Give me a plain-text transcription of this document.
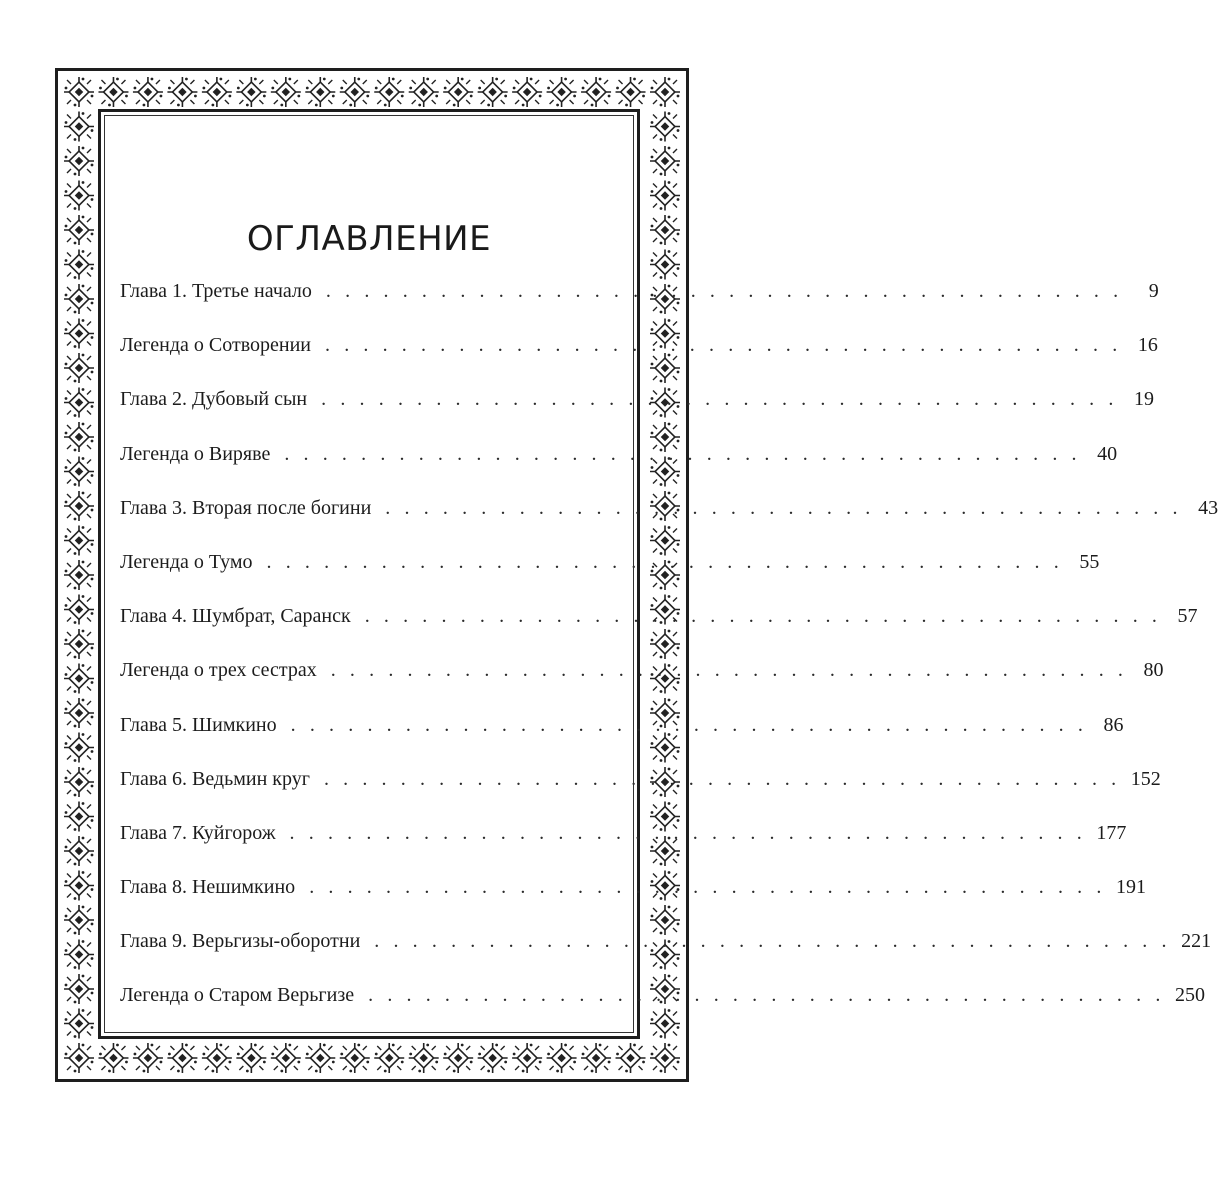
ОГЛАВЛЕНИЕ
Глава 1. Третье начало . . . . . . . . . . . . . . . . . . . . . . . . . . . . . . . . . . . . . . . . . .	9
Легенда о Сотворении . . . . . . . . . . . . . . . . . . . . . . . . . . . . . . . . . . . . . . . . . . 16
Глава 2. Дубовый сын . . . . . . . . . . . . . . . . . . . . . . . . . . . . . . . . . . . . . . . . . . 19
Легенда о Виряве . . . . . . . . . . . . . . . . . . . . . . . . . . . . . . . . . . . . . . . . . . 40
Глава 3. Вторая после богини . . . . . . . . . . . . . . . . . . . . . . . . . . . . . . . . . . . . . . . . . . 43
Легенда о Тумо . . . . . . . . . . . . . . . . . . . . . . . . . . . . . . . . . . . . . . . . . . 55
Глава 4. Шумбрат, Саранск . . . . . . . . . . . . . . . . . . . . . . . . . . . . . . . . . . . . . . . . . . 57
Легенда о трех сестрах . . . . . . . . . . . . . . . . . . . . . . . . . . . . . . . . . . . . . . . . . . 80
Глава 5. Шимкино . . . . . . . . . . . . . . . . . . . . . . . . . . . . . . . . . . . . . . . . . . 86
Глава 6. Ведьмин круг . . . . . . . . . . . . . . . . . . . . . . . . . . . . . . . . . . . . . . . . . . 152
Глава 7. Куйгорож . . . . . . . . . . . . . . . . . . . . . . . . . . . . . . . . . . . . . . . . . . 177
Глава 8. Нешимкино . . . . . . . . . . . . . . . . . . . . . . . . . . . . . . . . . . . . . . . . . . 191
Глава 9. Верьгизы-оборотни . . . . . . . . . . . . . . . . . . . . . . . . . . . . . . . . . . . . . . . . . . 221
Легенда о Старом Верьгизе . . . . . . . . . . . . . . . . . . . . . . . . . . . . . . . . . . . . . . . . . . 250
